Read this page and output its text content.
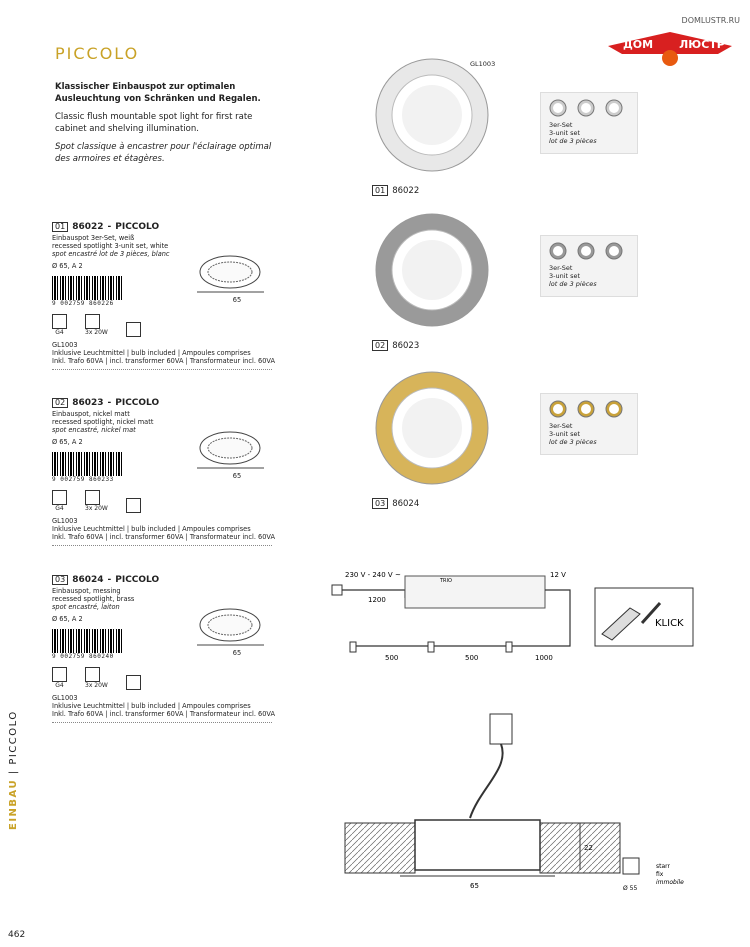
DOMLUSTR.RU
ДОМ ЛЮСТР
PICCOLO

Klassischer Einbauspot zur optimalen Ausleuchtung von Schränken und Regalen.

Classic flush mountable spot light for first rate cabinet and shelving illumination.

Spot classique à encastrer pour l'éclairage optimal des armoires et étagères.

01 86022 - PICCOLO
Einbauspot 3er-Set, weiß
recessed spotlight 3-unit set, white
spot encastré lot de 3 pièces, blanc
Ø 65, A 2
9 002759 860226
G4	3x 20W
65
GL1003
Inklusive Leuchtmittel | bulb included | Ampoules comprises
Inkl. Trafo 60VA | incl. transformer 60VA | Transformateur incl. 60VA
02 86023 - PICCOLO
Einbauspot, nickel matt
recessed spotlight, nickel matt
spot encastré, nickel mat
Ø 65, A 2
9 002759 860233
G4	3x 20W
65
GL1003
Inklusive Leuchtmittel | bulb included | Ampoules comprises
Inkl. Trafo 60VA | incl. transformer 60VA | Transformateur incl. 60VA
03 86024 - PICCOLO
Einbauspot, messing
recessed spotlight, brass
spot encastré, laiton
Ø 65, A 2
9 002759 860240
G4	3x 20W
65
GL1003
Inklusive Leuchtmittel | bulb included | Ampoules comprises
Inkl. Trafo 60VA | incl. transformer 60VA | Transformateur incl. 60VA
01 86022
02 86023
03 86024
GL1003
3er-Set
3-unit set
lot de 3 pièces
3er-Set
3-unit set
lot de 3 pièces
3er-Set
3-unit set
lot de 3 pièces
230 V - 240 V ~	12 V
1200
TRIO
500	500	1000
KLICK
65
22
Ø 55
starr
fix
immobile
EINBAU | PICCOLO
462
